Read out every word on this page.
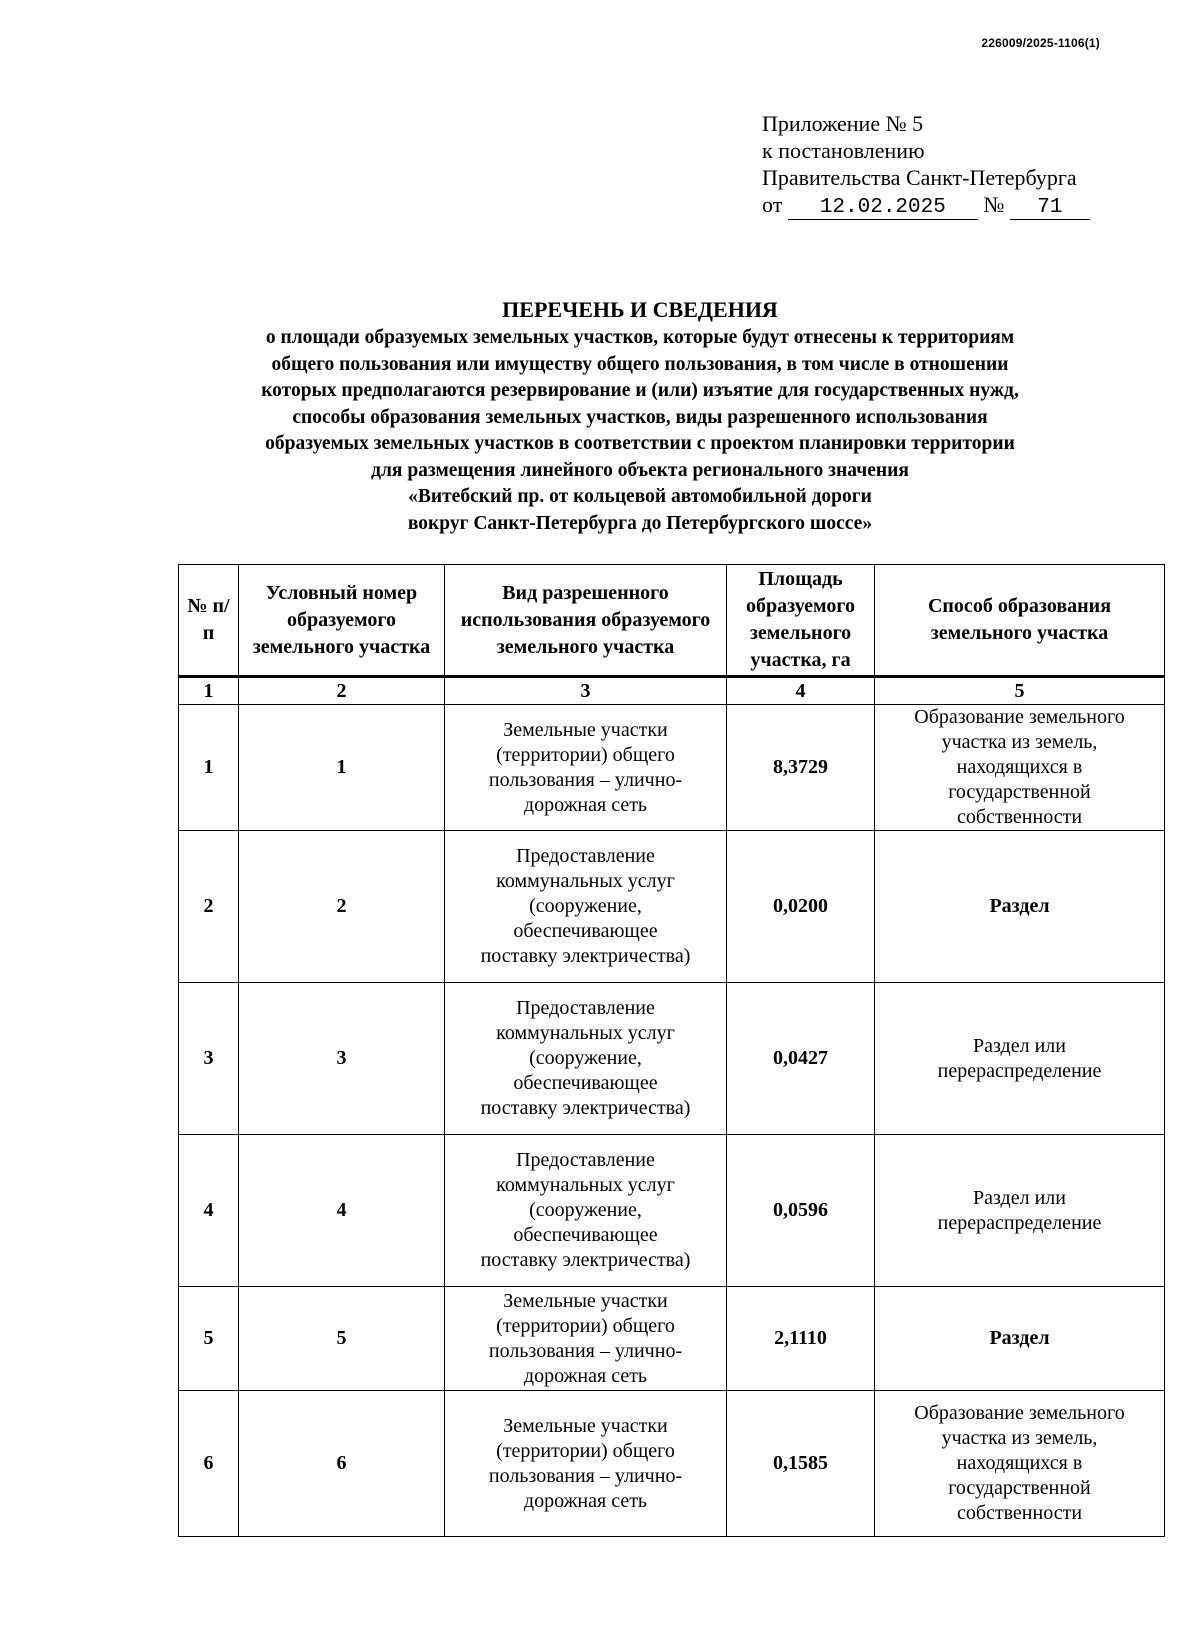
226009/2025-1106(1)
Приложение № 5
к постановлению
Правительства Санкт-Петербурга
от 12.02.2025 № 71
ПЕРЕЧЕНЬ И СВЕДЕНИЯ
о площади образуемых земельных участков, которые будут отнесены к территориям
общего пользования или имуществу общего пользования, в том числе в отношении
которых предполагаются резервирование и (или) изъятие для государственных нужд,
способы образования земельных участков, виды разрешенного использования
образуемых земельных участков в соответствии с проектом планировки территории
для размещения линейного объекта регионального значения
«Витебский пр. от кольцевой автомобильной дороги
вокруг Санкт-Петербурга до Петербургского шоссе»
№ п/п	Условный номер образуемого земельного участка	Вид разрешенного использования образуемого земельного участка	Площадь образуемого земельного участка, га	Способ образования земельного участка
1	2	3	4	5
1	1	Земельные участки (территории) общего пользования – улично-дорожная сеть	8,3729	Образование земельного участка из земель, находящихся в государственной собственности
2	2	Предоставление коммунальных услуг (сооружение, обеспечивающее поставку электричества)	0,0200	Раздел
3	3	Предоставление коммунальных услуг (сооружение, обеспечивающее поставку электричества)	0,0427	Раздел или перераспределение
4	4	Предоставление коммунальных услуг (сооружение, обеспечивающее поставку электричества)	0,0596	Раздел или перераспределение
5	5	Земельные участки (территории) общего пользования – улично-дорожная сеть	2,1110	Раздел
6	6	Земельные участки (территории) общего пользования – улично-дорожная сеть	0,1585	Образование земельного участка из земель, находящихся в государственной собственности
